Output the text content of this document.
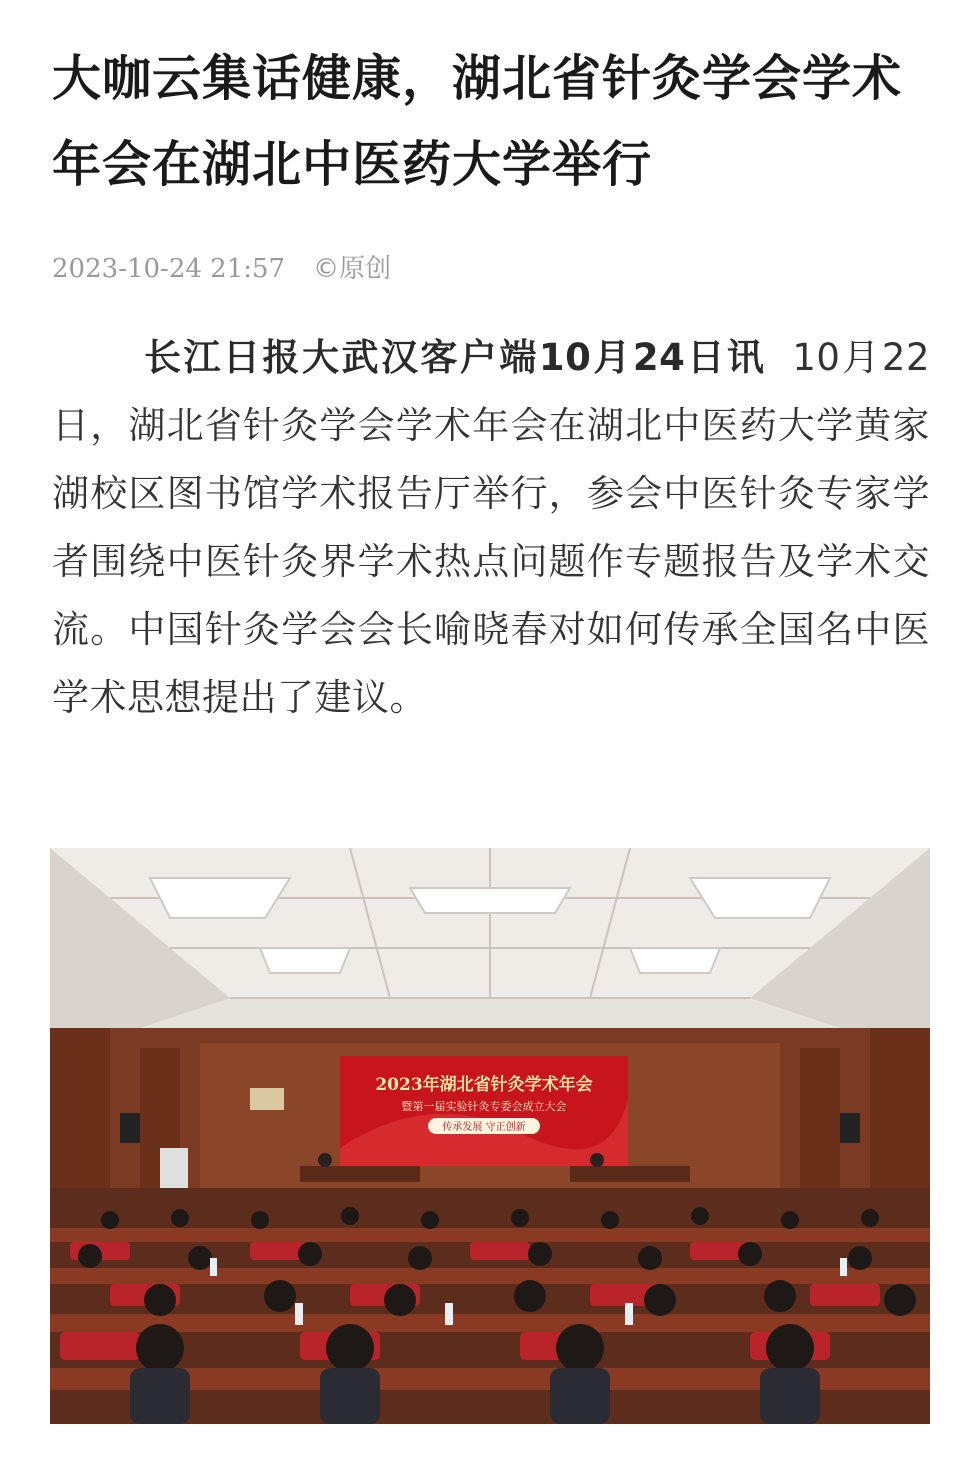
大咖云集话健康，湖北省针灸学会学术年会在湖北中医药大学举行
2023-10-24 21:57 ©原创

长江日报大武汉客户端10月24日讯 10月22日，湖北省针灸学会学术年会在湖北中医药大学黄家湖校区图书馆学术报告厅举行，参会中医针灸专家学者围绕中医针灸界学术热点问题作专题报告及学术交流。中国针灸学会会长喻晓春对如何传承全国名中医学术思想提出了建议。

2023年湖北省针灸学术年会
暨第一届实验针灸专委会成立大会
传承发展 守正创新
